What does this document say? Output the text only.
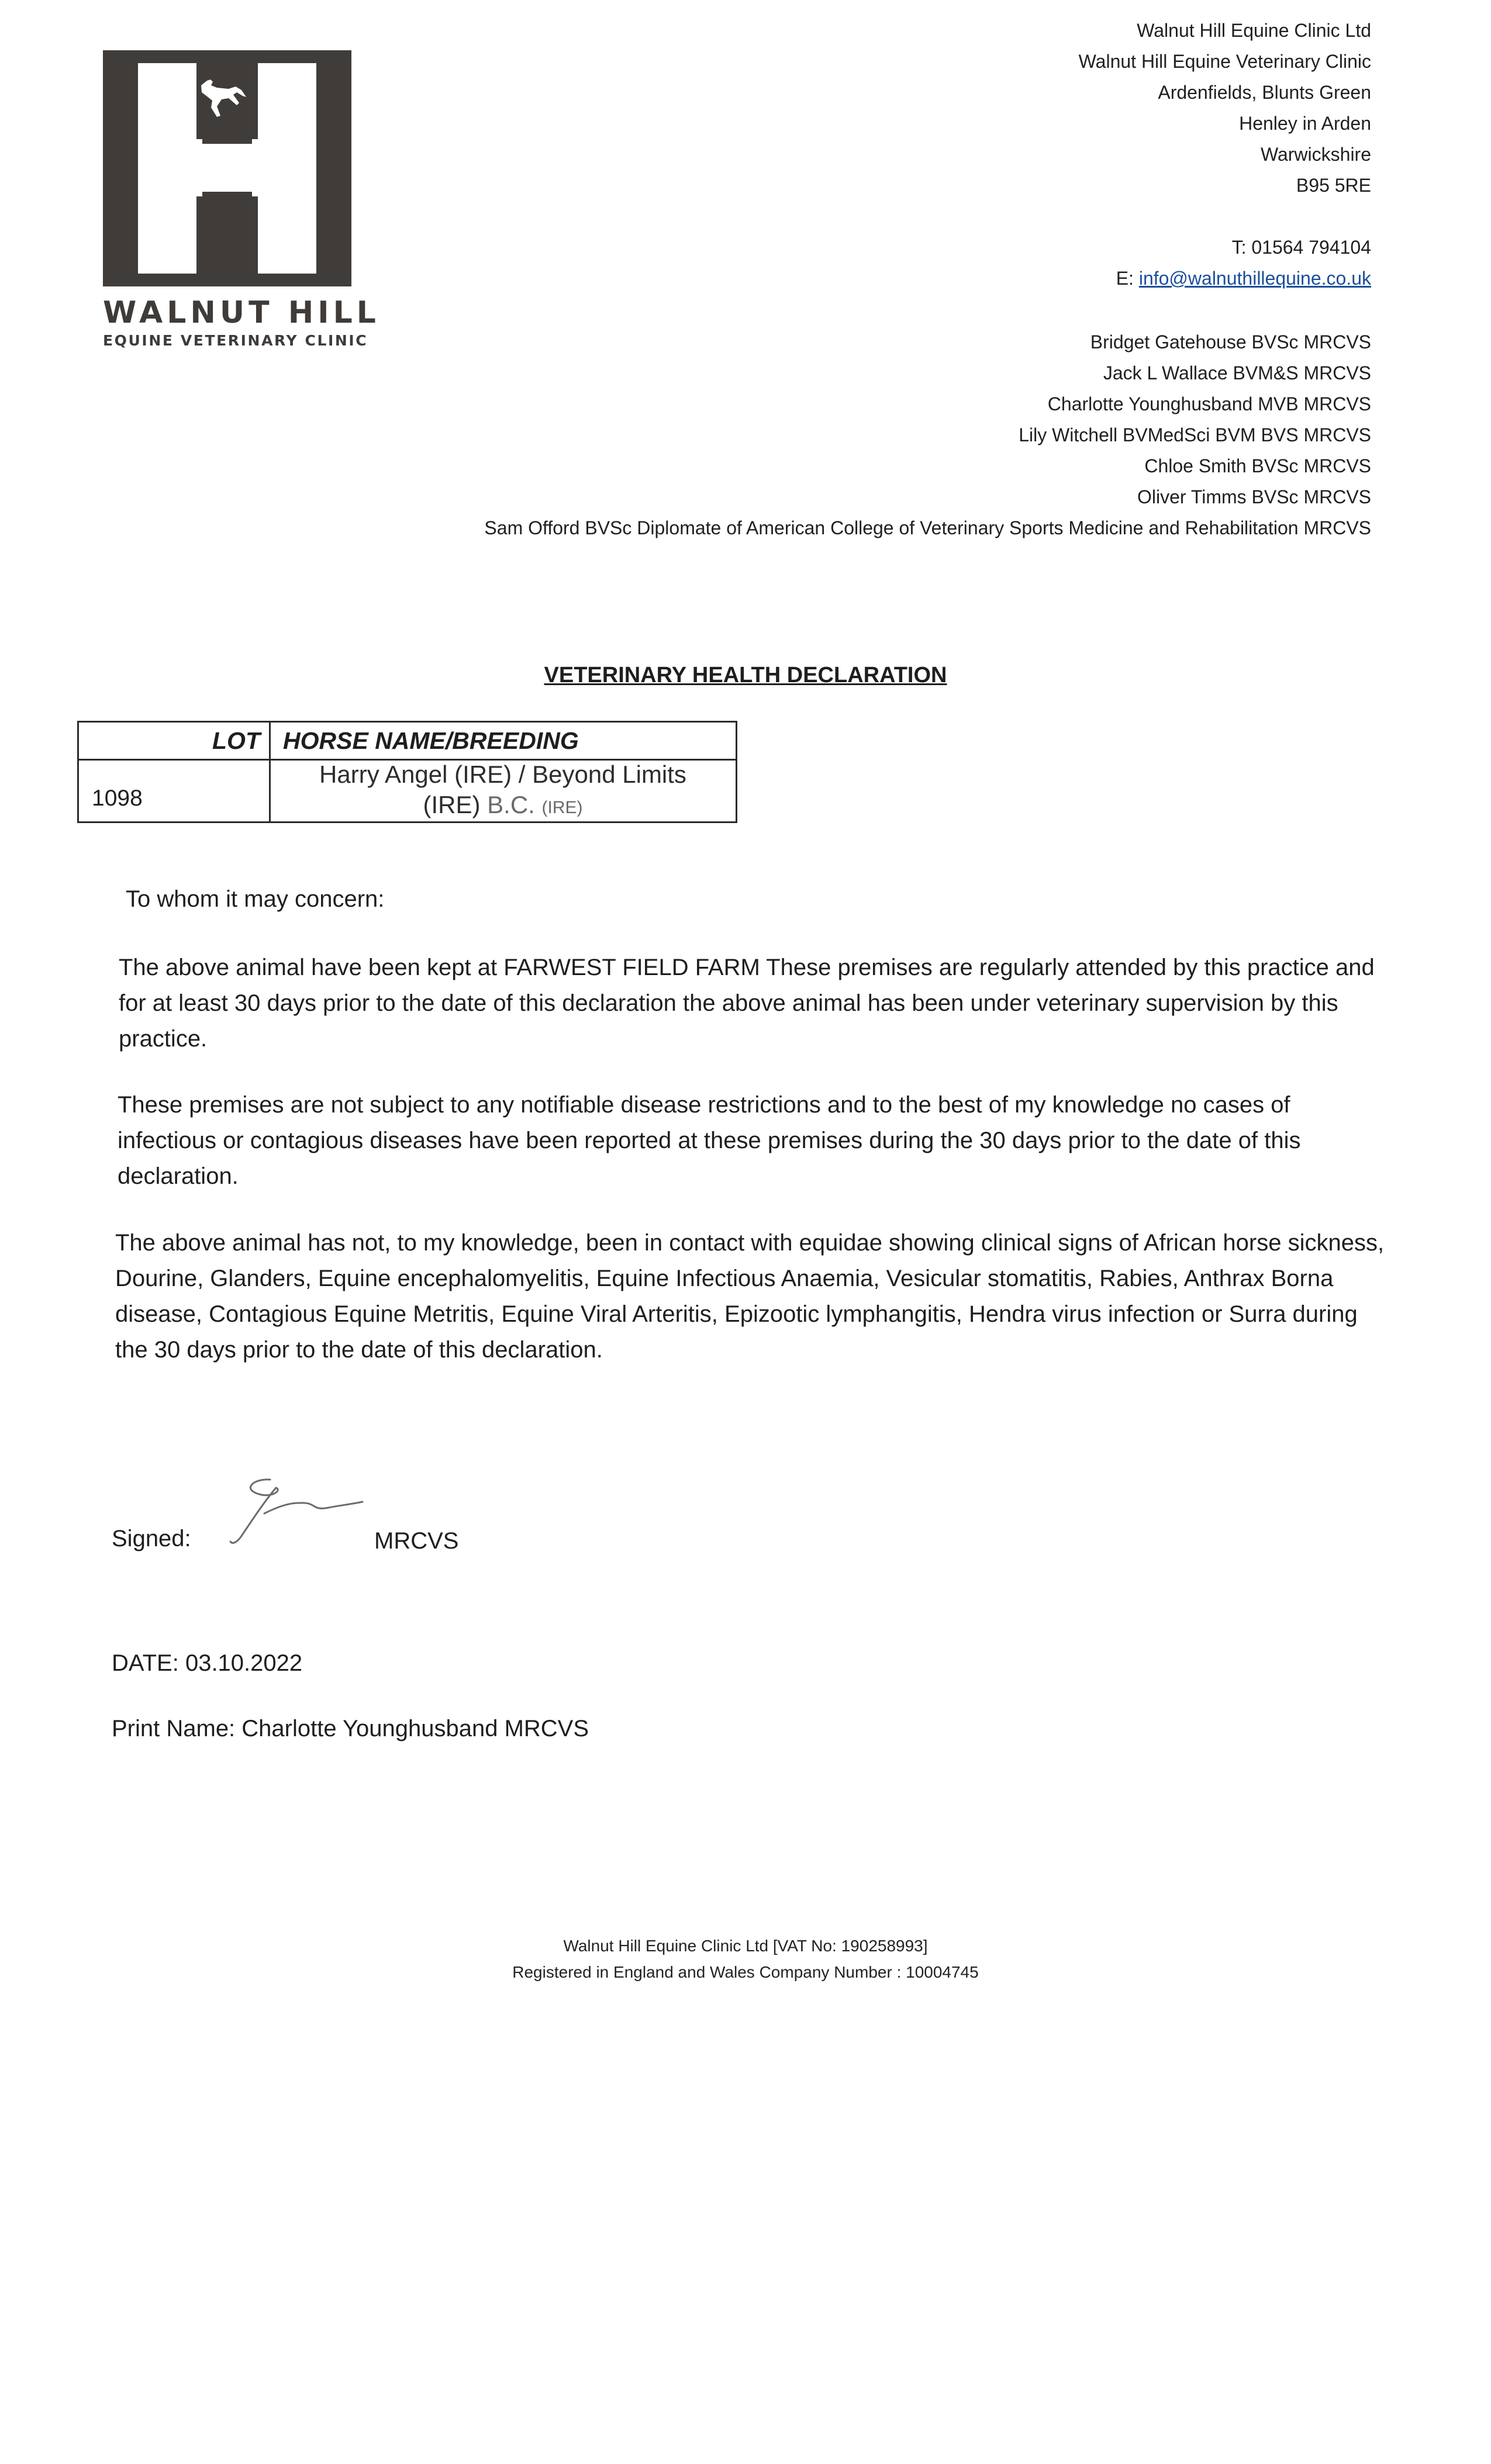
WALNUT HILL
EQUINE VETERINARY CLINIC
Walnut Hill Equine Clinic Ltd
Walnut Hill Equine Veterinary Clinic
Ardenfields, Blunts Green
Henley in Arden
Warwickshire
B95 5RE
T: 01564 794104
E: info@walnuthillequine.co.uk
Bridget Gatehouse BVSc MRCVS
Jack L Wallace BVM&S MRCVS
Charlotte Younghusband MVB MRCVS
Lily Witchell BVMedSci BVM BVS MRCVS
Chloe Smith BVSc MRCVS
Oliver Timms BVSc MRCVS
Sam Offord BVSc Diplomate of American College of Veterinary Sports Medicine and Rehabilitation MRCVS
VETERINARY HEALTH DECLARATION
LOT HORSE NAME/BREEDING
1098
Harry Angel (IRE) / Beyond Limits
(IRE) B.C. (IRE)

To whom it may concern:

The above animal have been kept at FARWEST FIELD FARM These premises are regularly attended by this practice and for at least 30 days prior to the date of this declaration the above animal has been under veterinary supervision by this practice.

These premises are not subject to any notifiable disease restrictions and to the best of my knowledge no cases of infectious or contagious diseases have been reported at these premises during the 30 days prior to the date of this declaration.

The above animal has not, to my knowledge, been in contact with equidae showing clinical signs of African horse sickness, Dourine, Glanders, Equine encephalomyelitis, Equine Infectious Anaemia, Vesicular stomatitis, Rabies, Anthrax Borna disease, Contagious Equine Metritis, Equine Viral Arteritis, Epizootic lymphangitis, Hendra virus infection or Surra during the 30 days prior to the date of this declaration.

Signed:	MRCVS
DATE: 03.10.2022
Print Name: Charlotte Younghusband MRCVS
Walnut Hill Equine Clinic Ltd [VAT No: 190258993]
Registered in England and Wales Company Number : 10004745
